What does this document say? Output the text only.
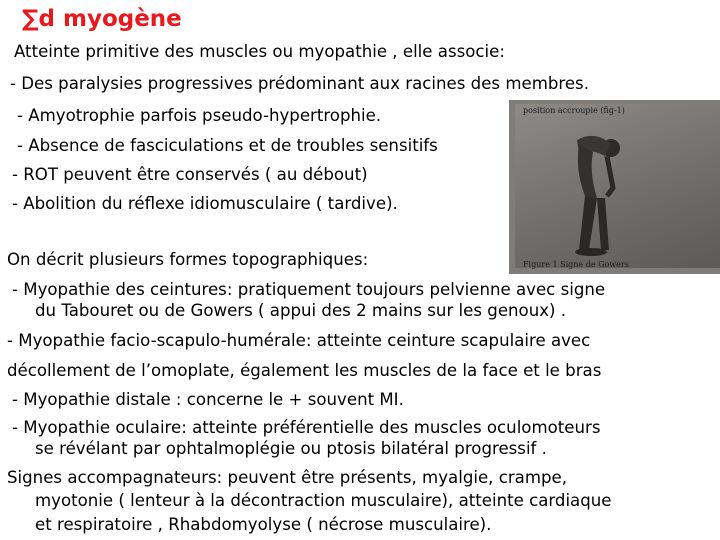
∑d myogène
Atteinte primitive des muscles ou myopathie , elle associe:
- Des paralysies progressives prédominant aux racines des membres.
- Amyotrophie parfois pseudo-hypertrophie.
- Absence de fasciculations et de troubles sensitifs
- ROT peuvent être conservés ( au débout)
- Abolition du réflexe idiomusculaire ( tardive).
position accroupie (fig-1)
Figure 1 Signe de Gowers
On décrit plusieurs formes topographiques:
- Myopathie des ceintures: pratiquement toujours pelvienne avec signe
du Tabouret ou de Gowers ( appui des 2 mains sur les genoux) .
- Myopathie facio-scapulo-humérale: atteinte ceinture scapulaire avec
décollement de l’omoplate, également les muscles de la face et le bras
- Myopathie distale : concerne le + souvent MI.
- Myopathie oculaire: atteinte préférentielle des muscles oculomoteurs
se révélant par ophtalmoplégie ou ptosis bilatéral progressif .
Signes accompagnateurs: peuvent être présents, myalgie, crampe,
myotonie ( lenteur à la décontraction musculaire), atteinte cardiaque
et respiratoire , Rhabdomyolyse ( nécrose musculaire).
